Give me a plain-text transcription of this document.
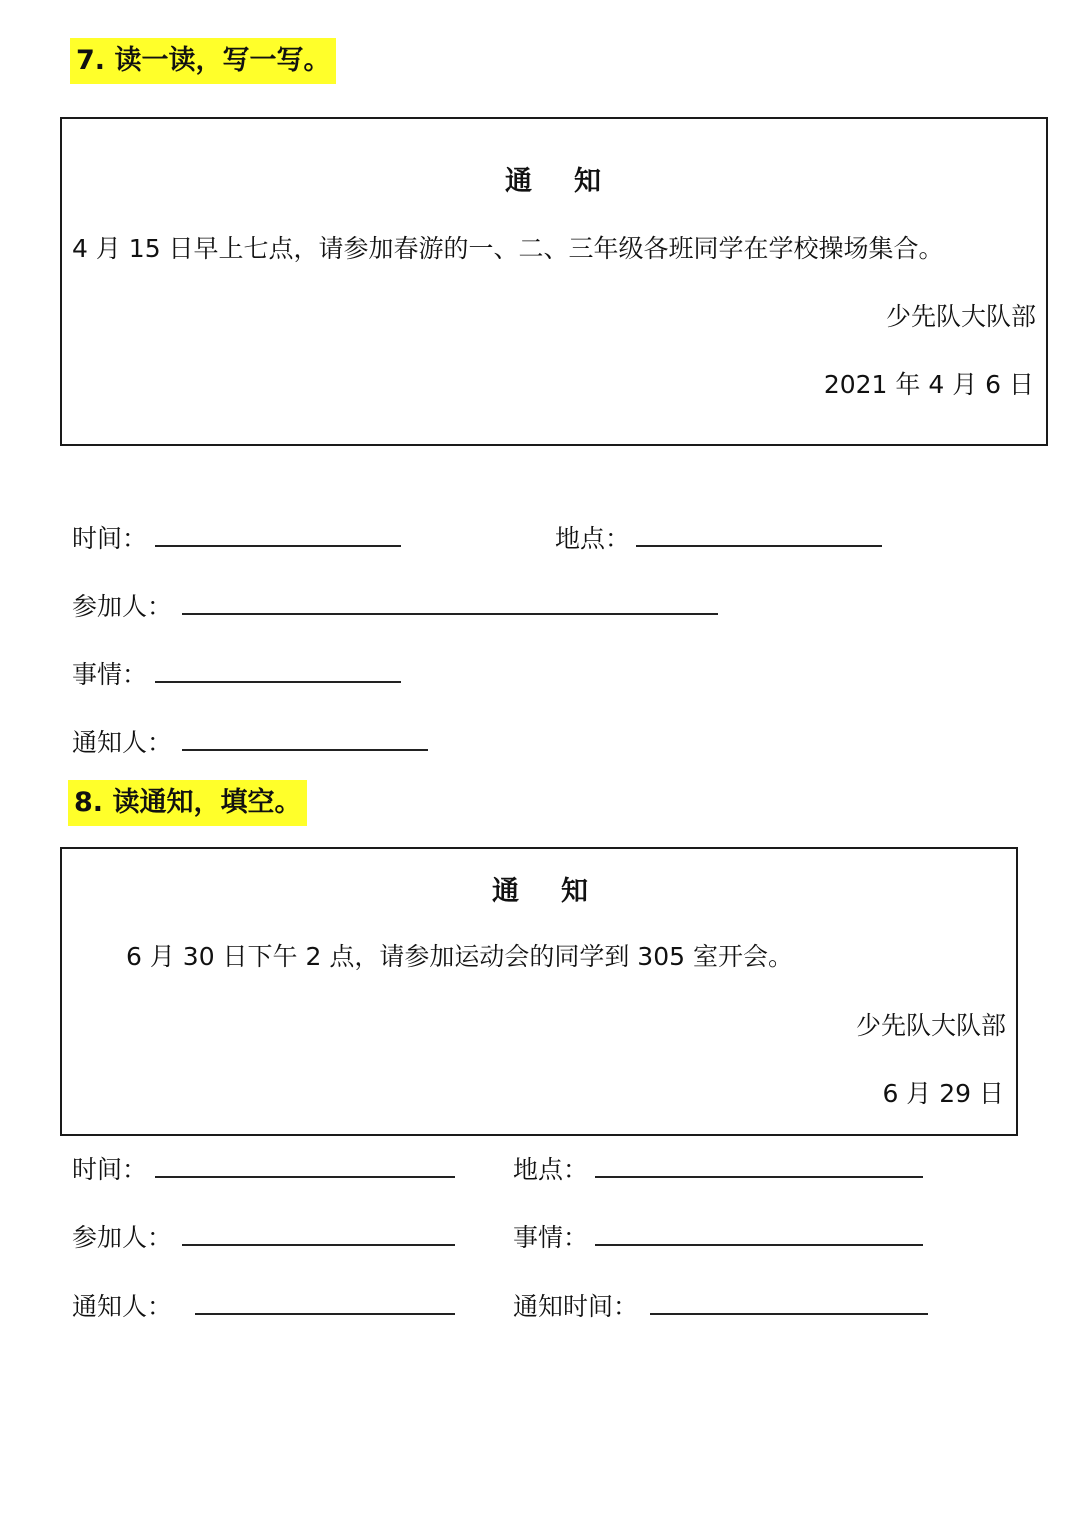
7. 读一读，写一写。
通 知
4 月 15 日早上七点，请参加春游的一、二、三年级各班同学在学校操场集合。
少先队大队部
2021 年 4 月 6 日
时间：	地点：
参加人：
事情：
通知人：
8. 读通知，填空。
通 知
6 月 30 日下午 2 点，请参加运动会的同学到 305 室开会。
少先队大队部
6 月 29 日
时间：	地点：
参加人：	事情：
通知人：	通知时间：
